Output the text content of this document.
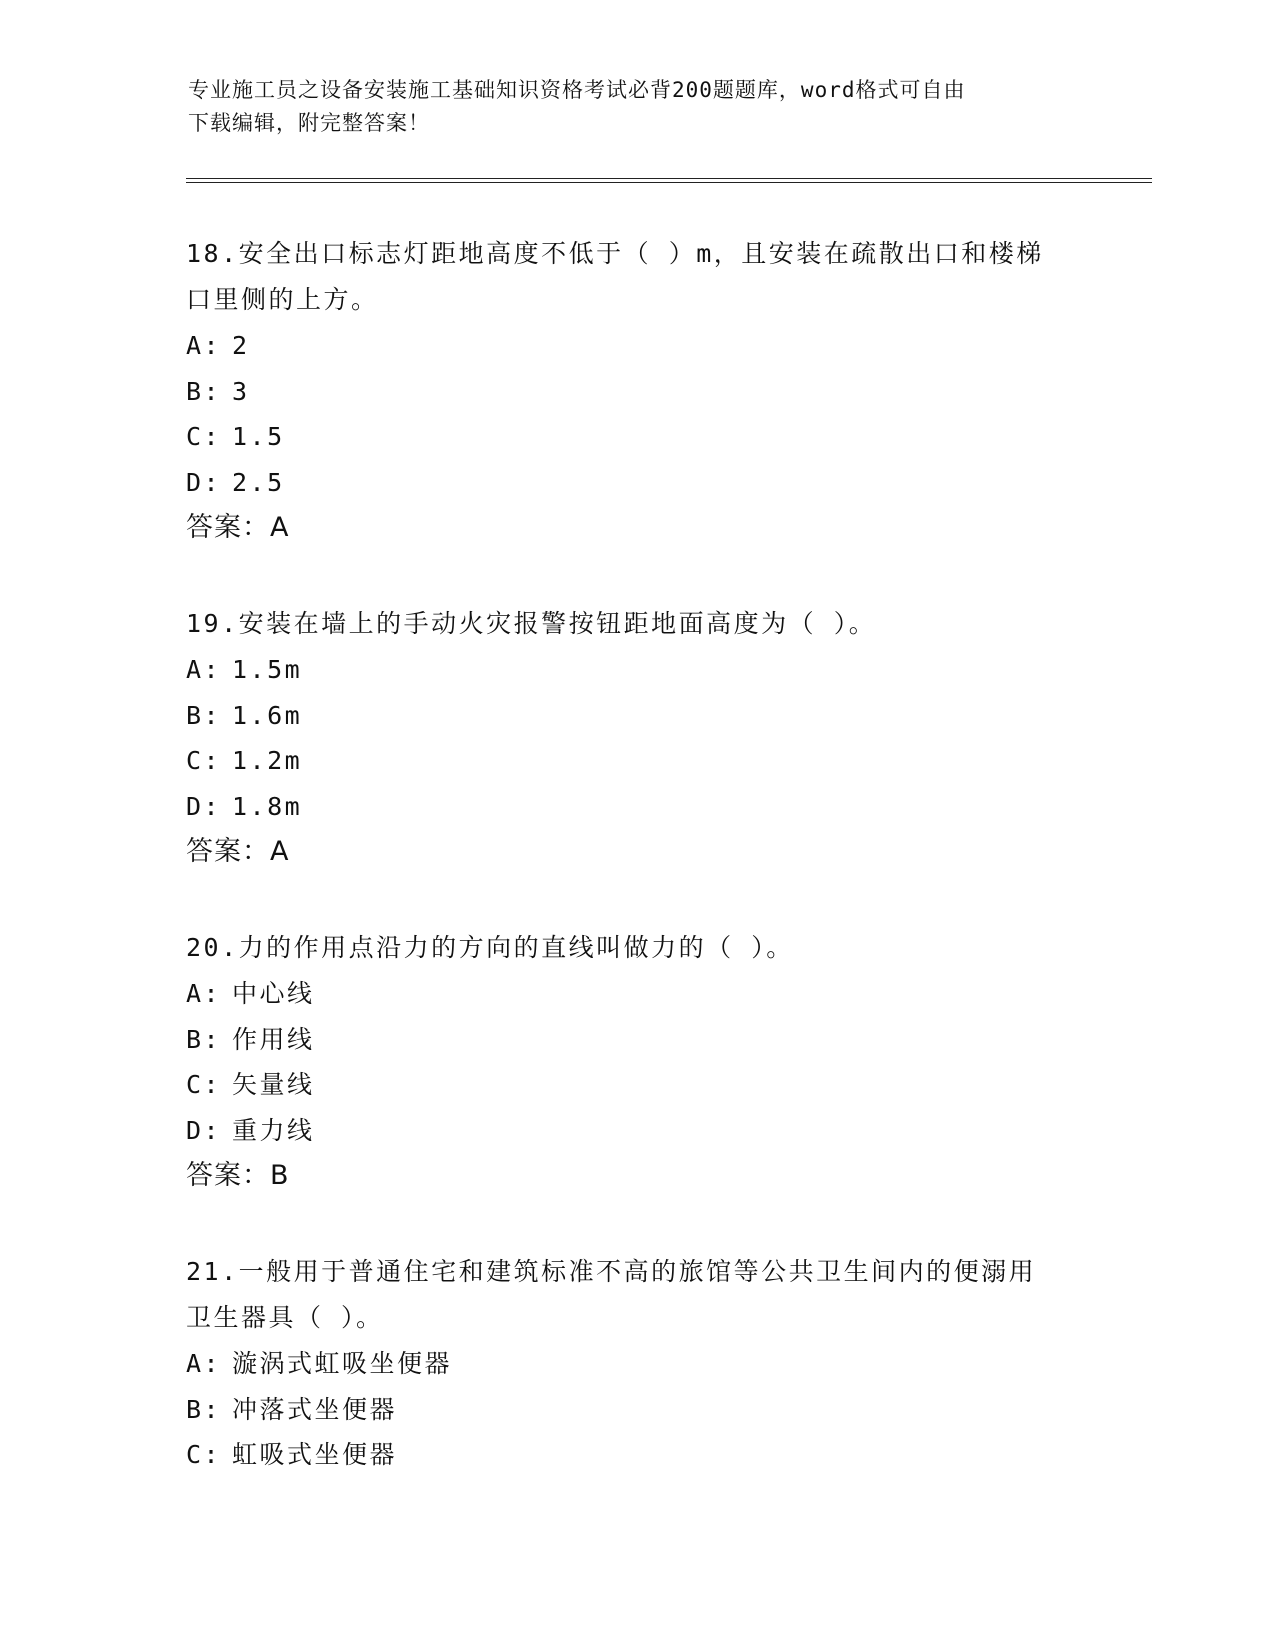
专业施工员之设备安装施工基础知识资格考试必背200题题库，word格式可自由
下载编辑，附完整答案！

18.安全出口标志灯距地高度不低于（ ）m，且安装在疏散出口和楼梯

口里侧的上方。

A: 2

B: 3

C: 1.5

D: 2.5

答案：A

19.安装在墙上的手动火灾报警按钮距地面高度为（ ）。

A: 1.5m

B: 1.6m

C: 1.2m

D: 1.8m

答案：A

20.力的作用点沿力的方向的直线叫做力的（ ）。

A: 中心线

B: 作用线

C: 矢量线

D: 重力线

答案：B

21.一般用于普通住宅和建筑标准不高的旅馆等公共卫生间内的便溺用

卫生器具（ ）。

A: 漩涡式虹吸坐便器

B: 冲落式坐便器

C: 虹吸式坐便器
